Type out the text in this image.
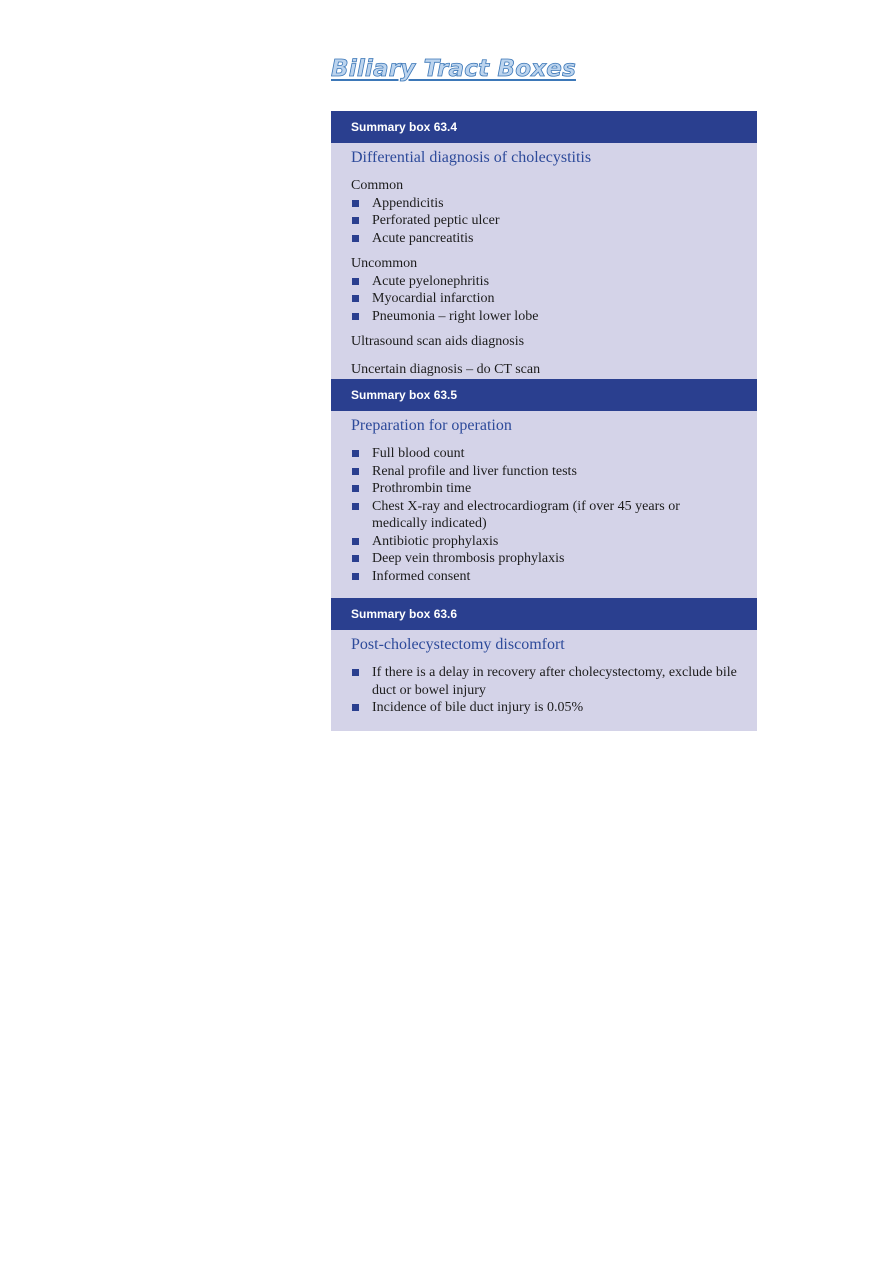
Biliary Tract Boxes
Summary box 63.4
Differential diagnosis of cholecystitis
Common
Appendicitis
Perforated peptic ulcer
Acute pancreatitis
Uncommon
Acute pyelonephritis
Myocardial infarction
Pneumonia – right lower lobe
Ultrasound scan aids diagnosis
Uncertain diagnosis – do CT scan
Summary box 63.5
Preparation for operation
Full blood count
Renal profile and liver function tests
Prothrombin time
Chest X-ray and electrocardiogram (if over 45 years or medically indicated)
Antibiotic prophylaxis
Deep vein thrombosis prophylaxis
Informed consent
Summary box 63.6
Post-cholecystectomy discomfort
If there is a delay in recovery after cholecystectomy, exclude bile duct or bowel injury
Incidence of bile duct injury is 0.05%
